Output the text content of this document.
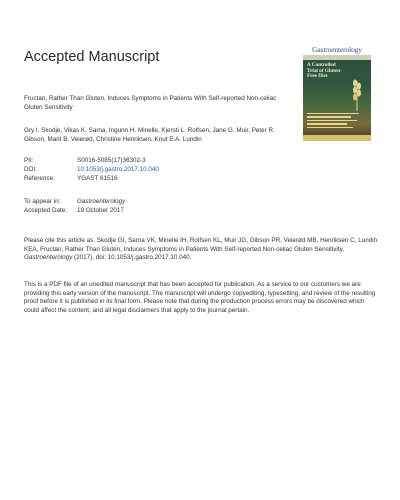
Accepted Manuscript	Gastroenterology
A Controlled Trial of Gluten-Free Diet
Fructan, Rather Than Gluten, Induces Symptoms in Patients With Self-reported Non-celiac Gluten Sensitivity
Gry I. Skodje, Vikas K. Sarna, Ingunn H. Minelle, Kjersti L. Rolfsen, Jane G. Muir, Peter R. Gibson, Marit B. Veierød, Christine Henriksen, Knut E.A. Lundin
PII:	S0016-5085(17)36302-3
DOI:	10.1053/j.gastro.2017.10.040
Reference:	YGAST 61516
To appear in:	Gastroenterology
Accepted Date:	19 October 2017
Please cite this article as: Skodje GI, Sarna VK, Minelle IH, Rolfsen KL, Muir JG, Gibson PR, Veierød MB, Henriksen C, Lundin KEA, Fructan, Rather Than Gluten, Induces Symptoms in Patients With Self-reported Non-celiac Gluten Sensitivity, Gastroenterology (2017), doi: 10.1053/j.gastro.2017.10.040.
This is a PDF file of an unedited manuscript that has been accepted for publication. As a service to our customers we are providing this early version of the manuscript. The manuscript will undergo copyediting, typesetting, and review of the resulting proof before it is published in its final form. Please note that during the production process errors may be discovered which could affect the content, and all legal disclaimers that apply to the journal pertain.
